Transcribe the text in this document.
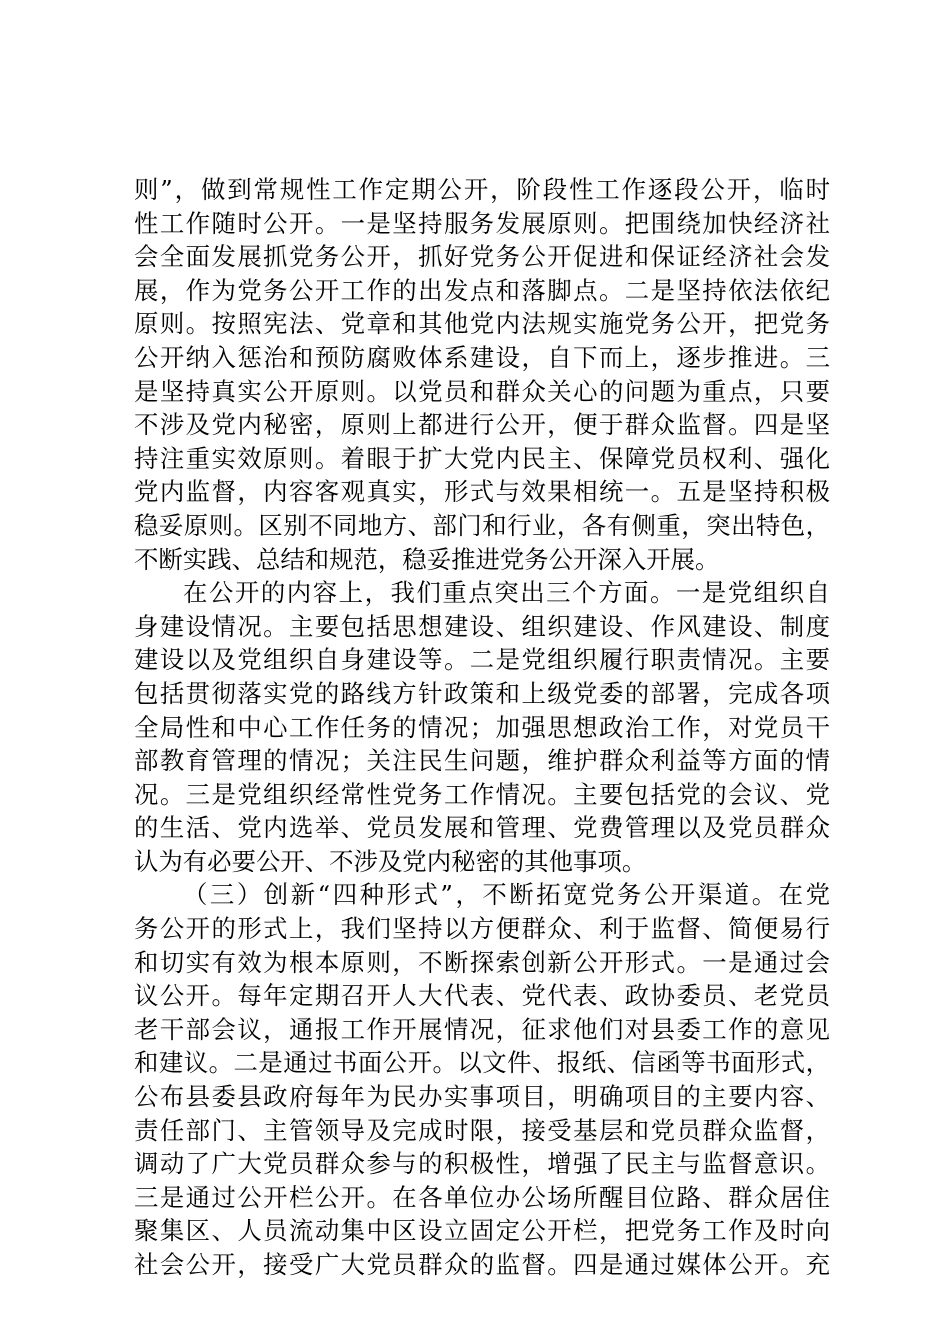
则”，做到常规性工作定期公开，阶段性工作逐段公开，临时
性工作随时公开。一是坚持服务发展原则。把围绕加快经济社
会全面发展抓党务公开，抓好党务公开促进和保证经济社会发
展，作为党务公开工作的出发点和落脚点。二是坚持依法依纪
原则。按照宪法、党章和其他党内法规实施党务公开，把党务
公开纳入惩治和预防腐败体系建设，自下而上，逐步推进。三
是坚持真实公开原则。以党员和群众关心的问题为重点，只要
不涉及党内秘密，原则上都进行公开，便于群众监督。四是坚
持注重实效原则。着眼于扩大党内民主、保障党员权利、强化
党内监督，内容客观真实，形式与效果相统一。五是坚持积极
稳妥原则。区别不同地方、部门和行业，各有侧重，突出特色，
不断实践、总结和规范，稳妥推进党务公开深入开展。
在公开的内容上，我们重点突出三个方面。一是党组织自
身建设情况。主要包括思想建设、组织建设、作风建设、制度
建设以及党组织自身建设等。二是党组织履行职责情况。主要
包括贯彻落实党的路线方针政策和上级党委的部署，完成各项
全局性和中心工作任务的情况；加强思想政治工作，对党员干
部教育管理的情况；关注民生问题，维护群众利益等方面的情
况。三是党组织经常性党务工作情况。主要包括党的会议、党
的生活、党内选举、党员发展和管理、党费管理以及党员群众
认为有必要公开、不涉及党内秘密的其他事项。
（三）创新“四种形式”，不断拓宽党务公开渠道。在党
务公开的形式上，我们坚持以方便群众、利于监督、简便易行
和切实有效为根本原则，不断探索创新公开形式。一是通过会
议公开。每年定期召开人大代表、党代表、政协委员、老党员
老干部会议，通报工作开展情况，征求他们对县委工作的意见
和建议。二是通过书面公开。以文件、报纸、信函等书面形式，
公布县委县政府每年为民办实事项目，明确项目的主要内容、
责任部门、主管领导及完成时限，接受基层和党员群众监督，
调动了广大党员群众参与的积极性，增强了民主与监督意识。
三是通过公开栏公开。在各单位办公场所醒目位路、群众居住
聚集区、人员流动集中区设立固定公开栏，把党务工作及时向
社会公开，接受广大党员群众的监督。四是通过媒体公开。充
